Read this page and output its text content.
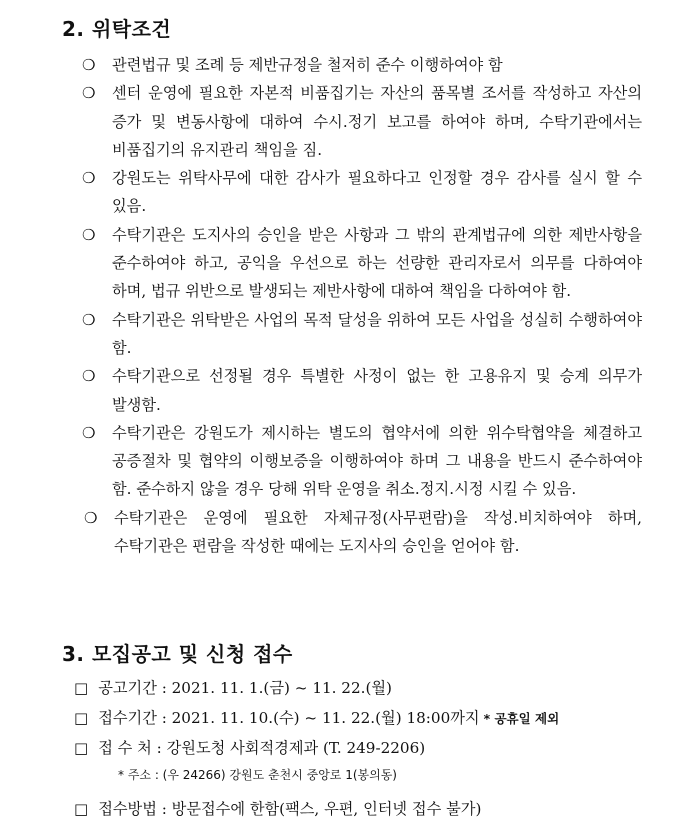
2. 위탁조건
❍ 관련법규 및 조례 등 제반규정을 철저히 준수 이행하여야 함
❍ 센터 운영에 필요한 자본적 비품집기는 자산의 품목별 조서를 작성하고 자산의 증가 및 변동사항에 대하여 수시․정기 보고를 하여야 하며, 수탁기관에서는 비품집기의 유지관리 책임을 짐.
❍ 강원도는 위탁사무에 대한 감사가 필요하다고 인정할 경우 감사를 실시 할 수 있음.
❍ 수탁기관은 도지사의 승인을 받은 사항과 그 밖의 관계법규에 의한 제반사항을 준수하여야 하고, 공익을 우선으로 하는 선량한 관리자로서 의무를 다하여야 하며, 법규 위반으로 발생되는 제반사항에 대하여 책임을 다하여야 함.
❍ 수탁기관은 위탁받은 사업의 목적 달성을 위하여 모든 사업을 성실히 수행하여야 함.
❍ 수탁기관으로 선정될 경우 특별한 사정이 없는 한 고용유지 및 승계 의무가 발생함.
❍ 수탁기관은 강원도가 제시하는 별도의 협약서에 의한 위수탁협약을 체결하고 공증절차 및 협약의 이행보증을 이행하여야 하며 그 내용을 반드시 준수하여야 함. 준수하지 않을 경우 당해 위탁 운영을 취소․정지․시정 시킬 수 있음.
❍ 수탁기관은 운영에 필요한 자체규정(사무편람)을 작성․비치하여야 하며, 수탁기관은 편람을 작성한 때에는 도지사의 승인을 얻어야 함.
3. 모집공고 및 신청 접수
□ 공고기간 : 2021. 11. 1.(금) ~ 11. 22.(월)
□ 접수기간 : 2021. 11. 10.(수) ~ 11. 22.(월) 18:00까지 * 공휴일 제외
□ 접 수 처 : 강원도청 사회적경제과 (T. 249-2206)
* 주소 : (우 24266) 강원도 춘천시 중앙로 1(봉의동)
□ 접수방법 : 방문접수에 한함(팩스, 우편, 인터넷 접수 불가)
